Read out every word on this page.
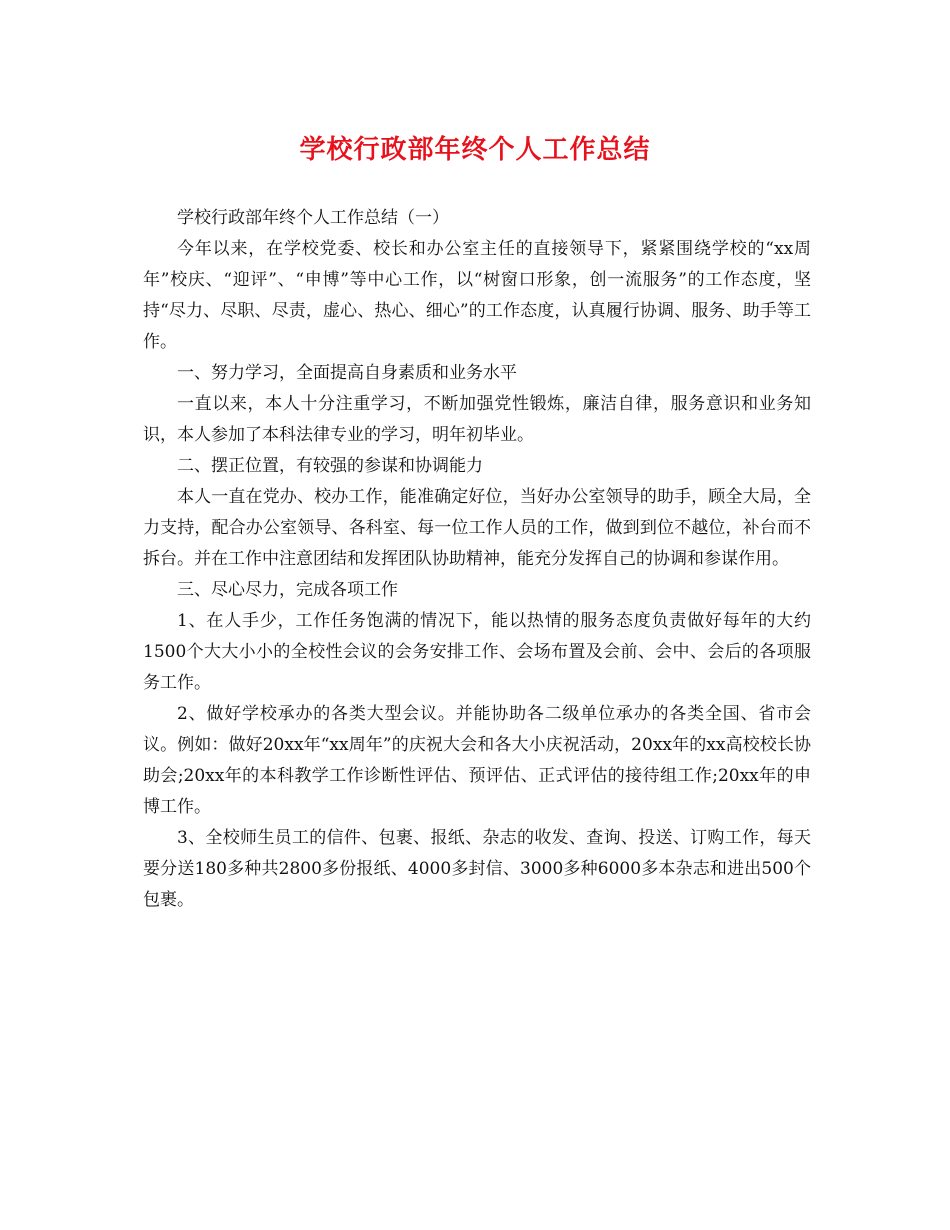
学校行政部年终个人工作总结

学校行政部年终个人工作总结（一）

今年以来，在学校党委、校长和办公室主任的直接领导下，紧紧围绕学校的“xx周年”校庆、“迎评”、“申博”等中心工作，以“树窗口形象，创一流服务”的工作态度，坚持“尽力、尽职、尽责，虚心、热心、细心”的工作态度，认真履行协调、服务、助手等工作。

一、努力学习，全面提高自身素质和业务水平

一直以来，本人十分注重学习，不断加强党性锻炼，廉洁自律，服务意识和业务知识，本人参加了本科法律专业的学习，明年初毕业。

二、摆正位置，有较强的参谋和协调能力

本人一直在党办、校办工作，能准确定好位，当好办公室领导的助手，顾全大局，全力支持，配合办公室领导、各科室、每一位工作人员的工作，做到到位不越位，补台而不拆台。并在工作中注意团结和发挥团队协助精神，能充分发挥自己的协调和参谋作用。

三、尽心尽力，完成各项工作

1、在人手少，工作任务饱满的情况下，能以热情的服务态度负责做好每年的大约1500个大大小小的全校性会议的会务安排工作、会场布置及会前、会中、会后的各项服务工作。

2、做好学校承办的各类大型会议。并能协助各二级单位承办的各类全国、省市会议。例如：做好20xx年“xx周年”的庆祝大会和各大小庆祝活动，20xx年的xx高校校长协助会;20xx年的本科教学工作诊断性评估、预评估、正式评估的接待组工作;20xx年的申博工作。

3、全校师生员工的信件、包裹、报纸、杂志的收发、查询、投送、订购工作，每天要分送180多种共2800多份报纸、4000多封信、3000多种6000多本杂志和进出500个包裹。
